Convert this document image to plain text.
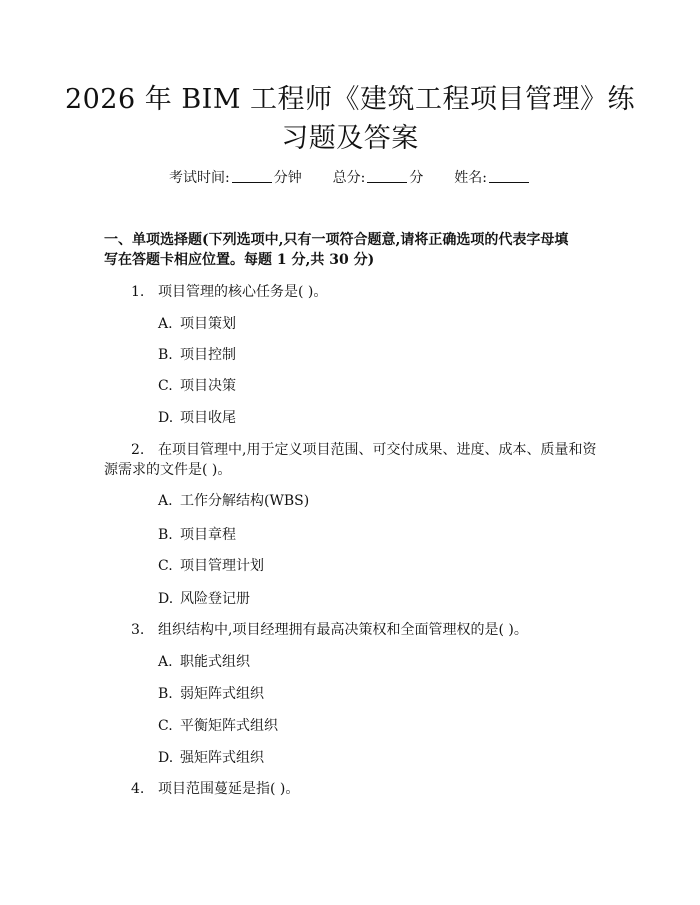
2026 年 BIM 工程师《建筑工程项目管理》练
习题及答案
考试时间:	分钟 总分:	分 姓名:
一、单项选择题(下列选项中,只有一项符合题意,请将正确选项的代表字母填
写在答题卡相应位置。每题 1 分,共 30 分)
1. 项目管理的核心任务是( )。
A. 项目策划
B. 项目控制
C. 项目决策
D. 项目收尾
2. 在项目管理中,用于定义项目范围、可交付成果、进度、成本、质量和资
源需求的文件是( )。
A. 工作分解结构(WBS)
B. 项目章程
C. 项目管理计划
D. 风险登记册
3. 组织结构中,项目经理拥有最高决策权和全面管理权的是( )。
A. 职能式组织
B. 弱矩阵式组织
C. 平衡矩阵式组织
D. 强矩阵式组织
4. 项目范围蔓延是指( )。
